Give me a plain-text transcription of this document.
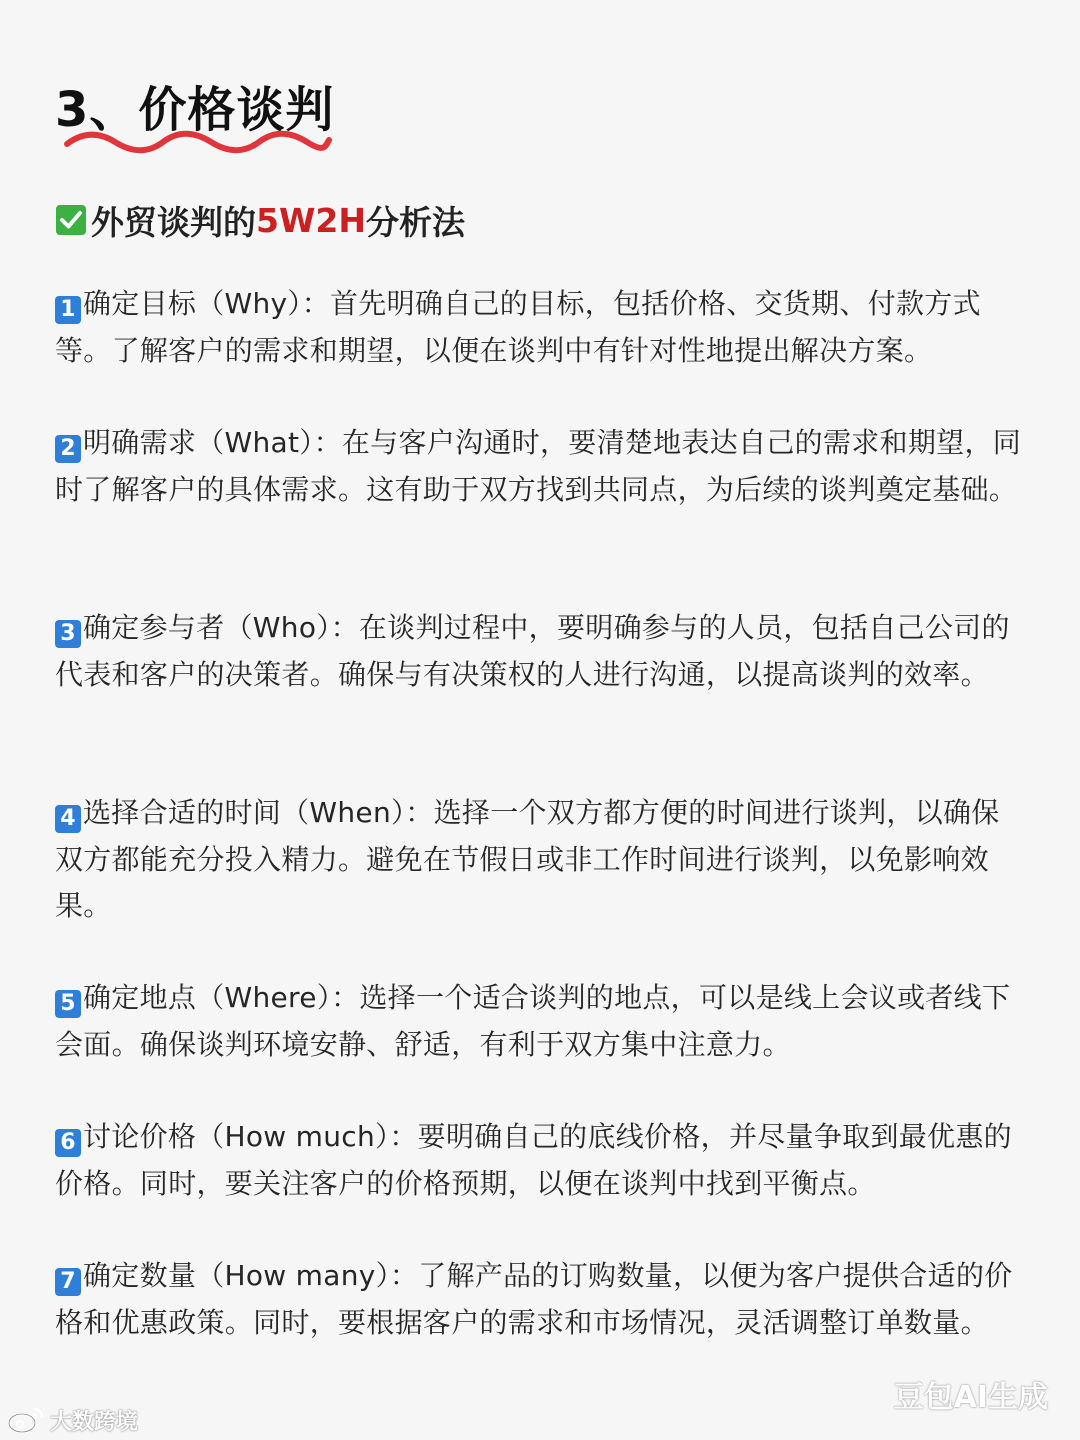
3、价格谈判
外贸谈判的 5W2H 分析法
1 确定目标（Why）：首先明确自己的目标，包括价格、交货期、付款方式等。了解客户的需求和期望，以便在谈判中有针对性地提出解决方案。
2 明确需求（What）：在与客户沟通时，要清楚地表达自己的需求和期望，同时了解客户的具体需求。这有助于双方找到共同点，为后续的谈判奠定基础。
3 确定参与者（Who）：在谈判过程中，要明确参与的人员，包括自己公司的代表和客户的决策者。确保与有决策权的人进行沟通，以提高谈判的效率。
4 选择合适的时间（When）：选择一个双方都方便的时间进行谈判，以确保双方都能充分投入精力。避免在节假日或非工作时间进行谈判，以免影响效果。
5 确定地点（Where）：选择一个适合谈判的地点，可以是线上会议或者线下会面。确保谈判环境安静、舒适，有利于双方集中注意力。
6 讨论价格（How much）：要明确自己的底线价格，并尽量争取到最优惠的价格。同时，要关注客户的价格预期，以便在谈判中找到平衡点。
7 确定数量（How many）：了解产品的订购数量，以便为客户提供合适的价格和优惠政策。同时，要根据客户的需求和市场情况，灵活调整订单数量。
大数跨境
豆包AI生成
